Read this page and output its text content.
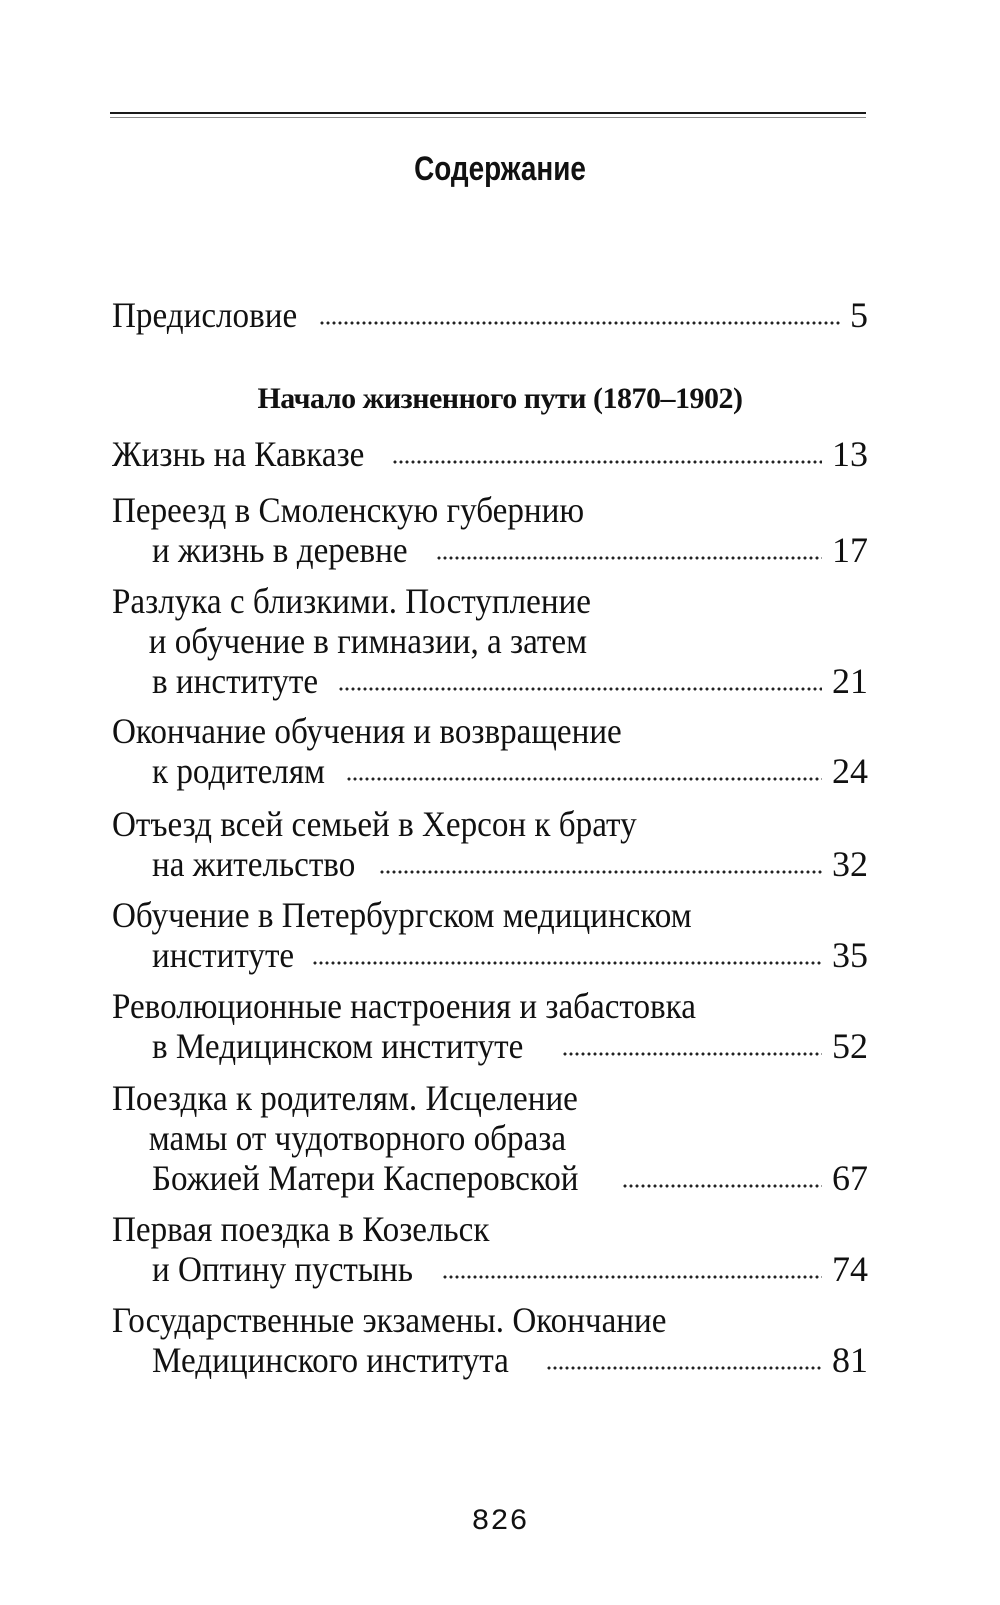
Содержание
Предисловие	5
Начало жизненного пути (1870–1902)
Жизнь на Кавказе	13
Переезд в Смоленскую губернию
и жизнь в деревне	17
Разлука с близкими. Поступление
и обучение в гимназии, а затем
в институте	21
Окончание обучения и возвращение
к родителям	24
Отъезд всей семьей в Херсон к брату
на жительство	32
Обучение в Петербургском медицинском
институте	35
Революционные настроения и забастовка
в Медицинском институте	52
Поездка к родителям. Исцеление
мамы от чудотворного образа
Божией Матери Касперовской	67
Первая поездка в Козельск
и Оптину пустынь	74
Государственные экзамены. Окончание
Медицинского института	81
826
